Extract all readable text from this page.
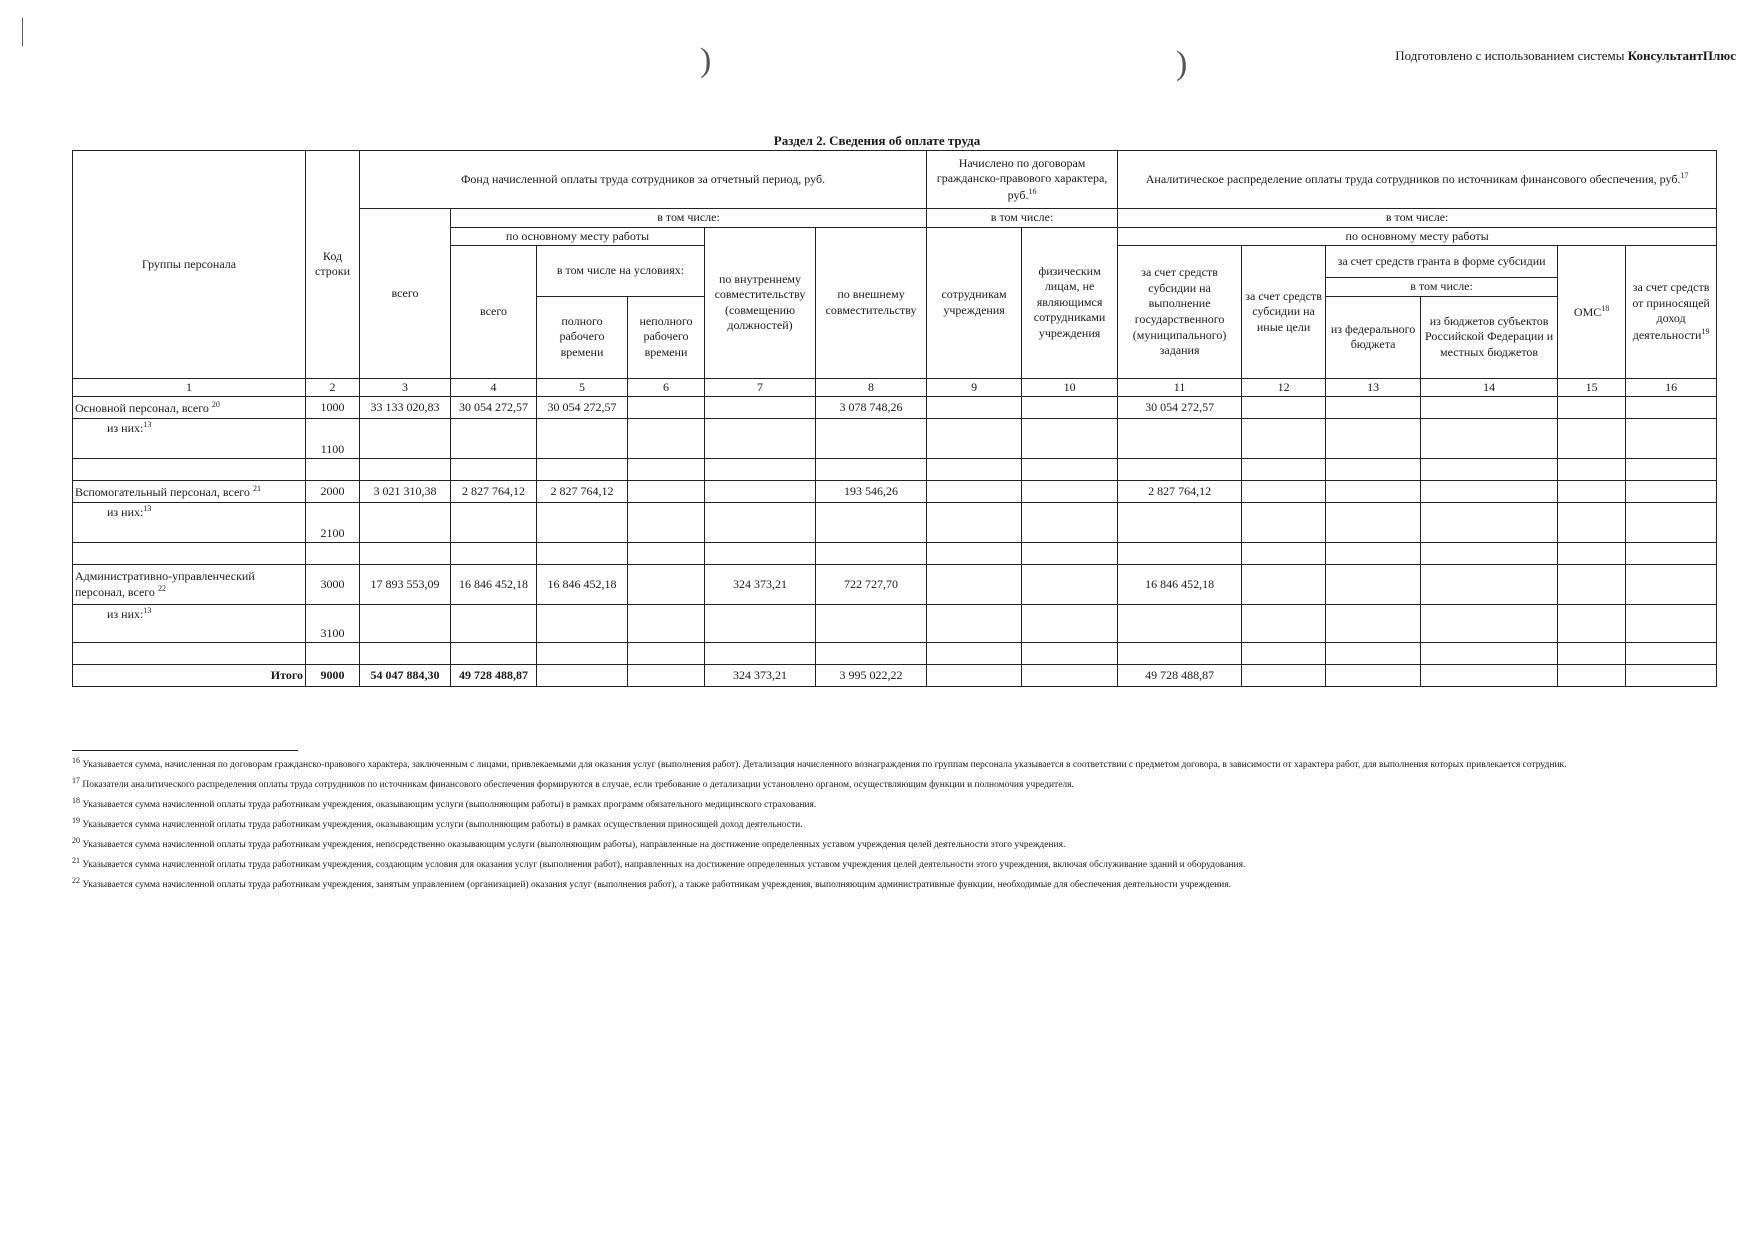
)	)	Подготовлено с использованием системы КонсультантПлюс
Раздел 2. Сведения об оплате труда
Группы персонала	Код строки	Фонд начисленной оплаты труда сотрудников за отчетный период, руб.						Начислено по договорам гражданско-правового характера, руб.$^{16}$		Аналитическое распределение оплаты труда сотрудников по источникам финансового обеспечения, руб.$^{17}$
		всего	в том числе:					в том числе:		в том числе:					
			по основному месту работы			по внутреннему совместительству (совмещению должностей)	по внешнему совместительству	сотрудникам учреждения	физическим лицам, не являющимся сотрудниками учреждения	по основному месту работы					
			всего	в том числе на условиях:						за счет средств субсидии на выполнение государственного (муниципального) задания	за счет средств субсидии на иные цели	за счет средств гранта в форме субсидии		ОМС$^{18}$	за счет средств от приносящей доход деятельности$^{19}$
												в том числе:			
				полного рабочего времени	неполного рабочего времени							из федерального бюджета	из бюджетов субъектов Российской Федерации и местных бюджетов		
1	2	3	4	5	6	7	8	9	10	11	12	13	14	15	16
Основной персонал, всего $^{20}$	1000	33 133 020,83	30 054 272,57	30 054 272,57			3 078 748,26			30 054 272,57					
из них:$^{13}$	1100														

Вспомогательный персонал, всего $^{21}$	2000	3 021 310,38	2 827 764,12	2 827 764,12			193 546,26			2 827 764,12					
из них:$^{13}$	2100														

Административно-управленческий персонал, всего $^{22}$	3000	17 893 553,09	16 846 452,18	16 846 452,18		324 373,21	722 727,70			16 846 452,18					
из них:$^{13}$	3100														

Итого	9000	54 047 884,30	49 728 488,87			324 373,21	3 995 022,22			49 728 488,87					

$^{16}$ Указывается сумма, начисленная по договорам гражданско-правового характера, заключенным с лицами, привлекаемыми для оказания услуг (выполнения работ). Детализация начисленного вознаграждения по группам персонала указывается в соответствии с предметом договора, в зависимости от характера работ, для выполнения которых привлекается сотрудник.

$^{17}$ Показатели аналитического распределения оплаты труда сотрудников по источникам финансового обеспечения формируются в случае, если требование о детализации установлено органом, осуществляющим функции и полномочия учредителя.

$^{18}$ Указывается сумма начисленной оплаты труда работникам учреждения, оказывающим услуги (выполняющим работы) в рамках программ обязательного медицинского страхования.

$^{19}$ Указывается сумма начисленной оплаты труда работникам учреждения, оказывающим услуги (выполняющим работы) в рамках осуществления приносящей доход деятельности.

$^{20}$ Указывается сумма начисленной оплаты труда работникам учреждения, непосредственно оказывающим услуги (выполняющим работы), направленные на достижение определенных уставом учреждения целей деятельности этого учреждения.

$^{21}$ Указывается сумма начисленной оплаты труда работникам учреждения, создающим условия для оказания услуг (выполнения работ), направленных на достижение определенных уставом учреждения целей деятельности этого учреждения, включая обслуживание зданий и оборудования.

$^{22}$ Указывается сумма начисленной оплаты труда работникам учреждения, занятым управлением (организацией) оказания услуг (выполнения работ), а также работникам учреждения, выполняющим административные функции, необходимые для обеспечения деятельности учреждения.
